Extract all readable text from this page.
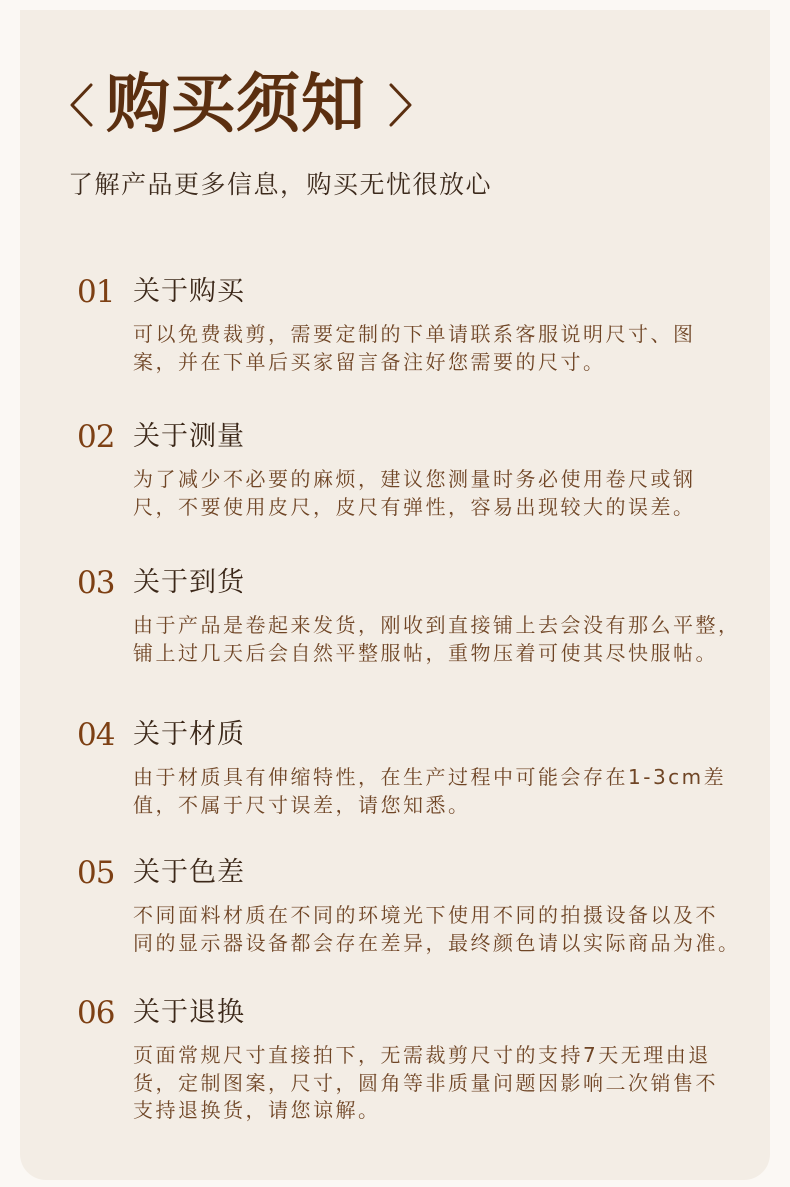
购买须知
了解产品更多信息，购买无忧很放心
01 关于购买
可以免费裁剪，需要定制的下单请联系客服说明尺寸、图
案，并在下单后买家留言备注好您需要的尺寸。
02 关于测量
为了减少不必要的麻烦，建议您测量时务必使用卷尺或钢
尺，不要使用皮尺，皮尺有弹性，容易出现较大的误差。
03 关于到货
由于产品是卷起来发货，刚收到直接铺上去会没有那么平整，
铺上过几天后会自然平整服帖，重物压着可使其尽快服帖。
04 关于材质
由于材质具有伸缩特性，在生产过程中可能会存在1-3cm差
值，不属于尺寸误差，请您知悉。
05 关于色差
不同面料材质在不同的环境光下使用不同的拍摄设备以及不
同的显示器设备都会存在差异，最终颜色请以实际商品为准。
06 关于退换
页面常规尺寸直接拍下，无需裁剪尺寸的支持7天无理由退
货，定制图案，尺寸，圆角等非质量问题因影响二次销售不
支持退换货，请您谅解。
